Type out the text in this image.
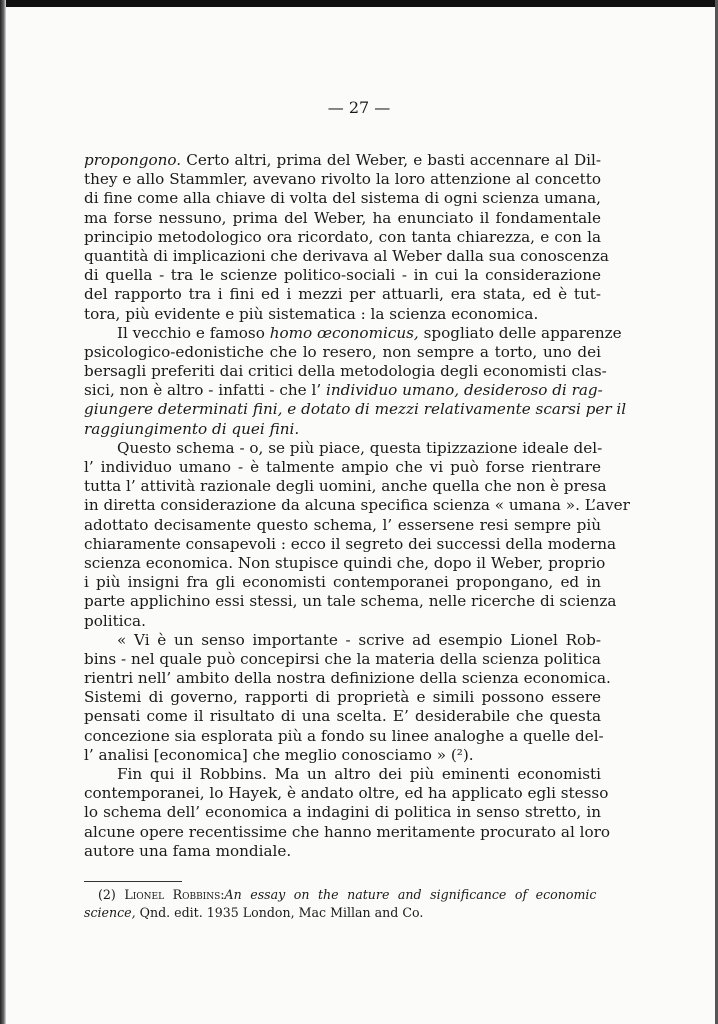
— 27 —
propongono. Certo altri, prima del Weber, e basti accennare al Dil-
they e allo Stammler, avevano rivolto la loro attenzione al concetto
di fine come alla chiave di volta del sistema di ogni scienza umana,
ma forse nessuno, prima del Weber, ha enunciato il fondamentale
principio metodologico ora ricordato, con tanta chiarezza, e con la
quantità di implicazioni che derivava al Weber dalla sua conoscenza
di quella - tra le scienze politico-sociali - in cui la considerazione
del rapporto tra i fini ed i mezzi per attuarli, era stata, ed è tut-
tora, più evidente e più sistematica : la scienza economica.
Il vecchio e famoso homo œconomicus, spogliato delle apparenze
psicologico-edonistiche che lo resero, non sempre a torto, uno dei
bersagli preferiti dai critici della metodologia degli economisti clas-
sici, non è altro - infatti - che l’ individuo umano, desideroso di rag-
giungere determinati fini, e dotato di mezzi relativamente scarsi per il
raggiungimento di quei fini.
Questo schema - o, se più piace, questa tipizzazione ideale del-
l’ individuo umano - è talmente ampio che vi può forse rientrare
tutta l’ attività razionale degli uomini, anche quella che non è presa
in diretta considerazione da alcuna specifica scienza « umana ». L’aver
adottato decisamente questo schema, l’ essersene resi sempre più
chiaramente consapevoli : ecco il segreto dei successi della moderna
scienza economica. Non stupisce quindi che, dopo il Weber, proprio
i più insigni fra gli economisti contemporanei propongano, ed in
parte applichino essi stessi, un tale schema, nelle ricerche di scienza
politica.
« Vi è un senso importante - scrive ad esempio Lionel Rob-
bins - nel quale può concepirsi che la materia della scienza politica
rientri nell’ ambito della nostra definizione della scienza economica.
Sistemi di governo, rapporti di proprietà e simili possono essere
pensati come il risultato di una scelta. E’ desiderabile che questa
concezione sia esplorata più a fondo su linee analoghe a quelle del-
l’ analisi [economica] che meglio conosciamo » (²).
Fin qui il Robbins. Ma un altro dei più eminenti economisti
contemporanei, lo Hayek, è andato oltre, ed ha applicato egli stesso
lo schema dell’ economica a indagini di politica in senso stretto, in
alcune opere recentissime che hanno meritamente procurato al loro
autore una fama mondiale.
(2) Lionel Robbins: An essay on the nature and significance of economic
science, Qnd. edit. 1935 London, Mac Millan and Co.
